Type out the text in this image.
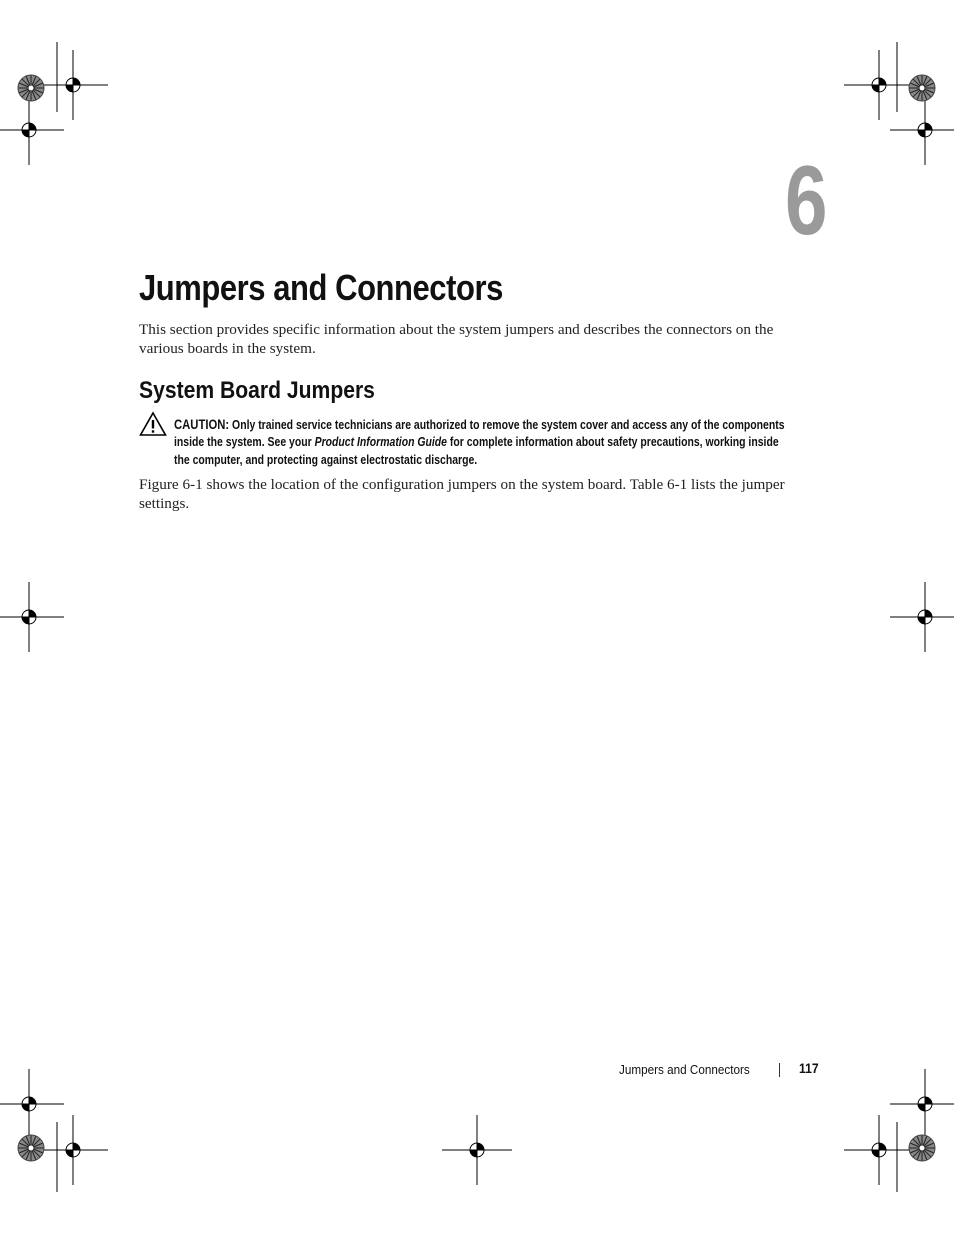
6
Jumpers and Connectors
This section provides specific information about the system jumpers and describes the connectors on the various boards in the system.
System Board Jumpers
CAUTION: Only trained service technicians are authorized to remove the system cover and access any of the components inside the system. See your Product Information Guide for complete information about safety precautions, working inside the computer, and protecting against electrostatic discharge.
Figure 6-1 shows the location of the configuration jumpers on the system board. Table 6-1 lists the jumper settings.
Jumpers and Connectors	117
